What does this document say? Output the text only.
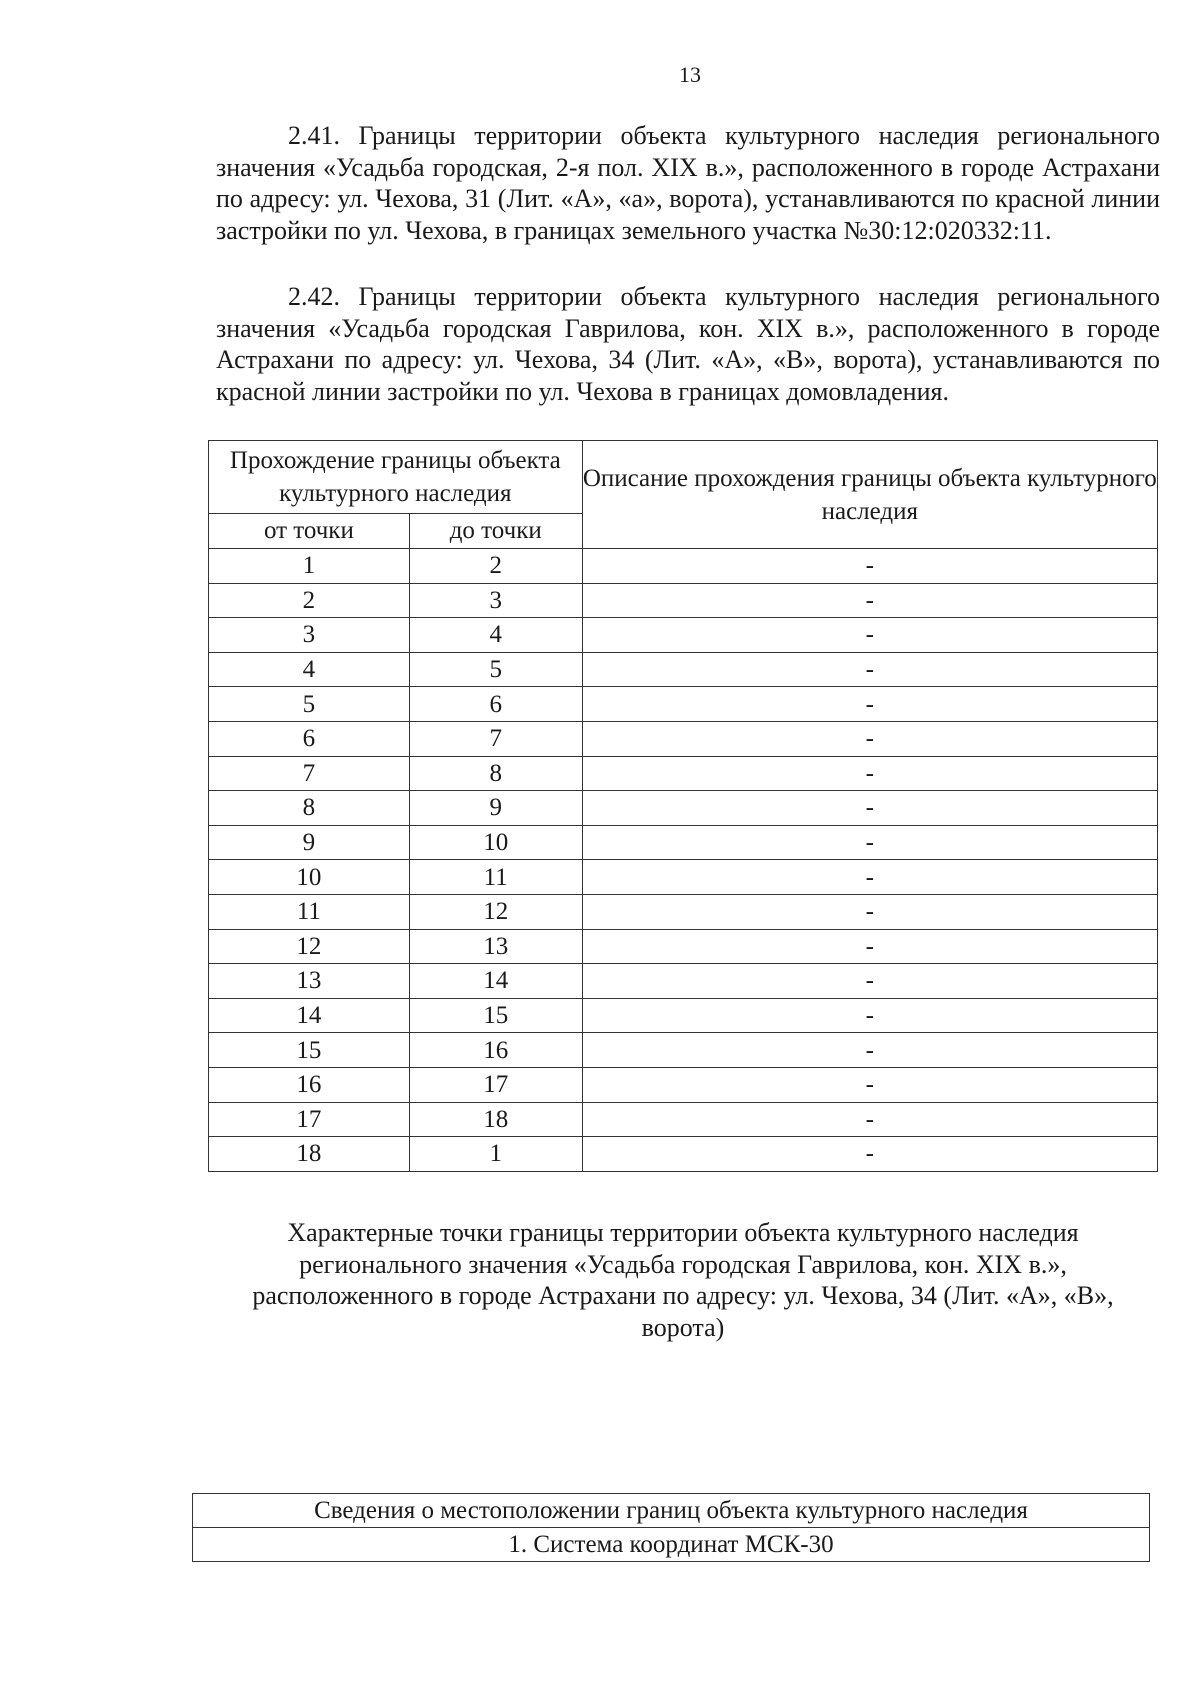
13

2.41. Границы территории объекта культурного наследия регионального значения «Усадьба городская, 2-я пол. XIX в.», расположенного в городе Астрахани по адресу: ул. Чехова, 31 (Лит. «А», «а», ворота), устанавливаются по красной линии застройки по ул. Чехова, в границах земельного участка №30:12:020332:11.

2.42. Границы территории объекта культурного наследия регионального значения «Усадьба городская Гаврилова, кон. XIX в.», расположенного в городе Астрахани по адресу: ул. Чехова, 34 (Лит. «А», «В», ворота), устанавливаются по красной линии застройки по ул. Чехова в границах домовладения.

Прохождение границы объекта культурного наследия		Описание прохождения границы объекта культурного наследия
от точки	до точки	
1	2	-
2	3	-
3	4	-
4	5	-
5	6	-
6	7	-
7	8	-
8	9	-
9	10	-
10	11	-
11	12	-
12	13	-
13	14	-
14	15	-
15	16	-
16	17	-
17	18	-
18	1	-

Характерные точки границы территории объекта культурного наследия регионального значения «Усадьба городская Гаврилова, кон. XIX в.», расположенного в городе Астрахани по адресу: ул. Чехова, 34 (Лит. «А», «В», ворота)

Сведения о местоположении границ объекта культурного наследия
1. Система координат МСК-30
